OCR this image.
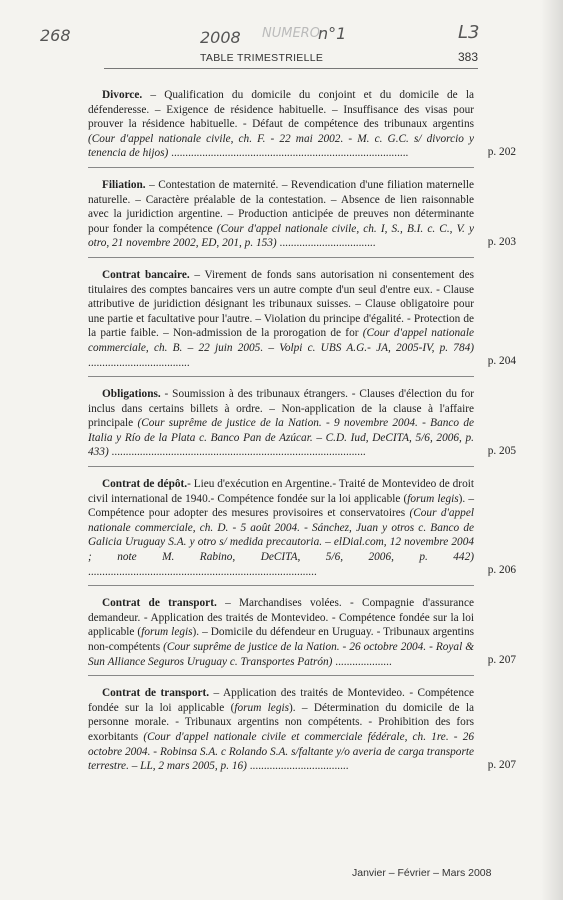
268	2008 NUMERO
n°1	L3
TABLE TRIMESTRIELLE	383

Divorce. – Qualification du domicile du conjoint et du domicile de la défenderesse. – Exigence de résidence habituelle. – Insuffisance des visas pour prouver la résidence habituelle. - Défaut de compétence des tribunaux argentins (Cour d'appel nationale civile, ch. F. - 22 mai 2002. - M. c. G.C. s/ divorcio y tenencia de hijos) ....................................................................................	p. 202

Filiation. – Contestation de maternité. – Revendication d'une filiation maternelle naturelle. – Caractère préalable de la contestation. – Absence de lien raisonnable avec la juridiction argentine. – Production anticipée de preuves non déterminante pour fonder la compétence (Cour d'appel nationale civile, ch. I, S., B.I. c. C., V. y otro, 21 novembre 2002, ED, 201, p. 153) ..................................	p. 203

Contrat bancaire. – Virement de fonds sans autorisation ni consentement des titulaires des comptes bancaires vers un autre compte d'un seul d'entre eux. - Clause attributive de juridiction désignant les tribunaux suisses. – Clause obligatoire pour une partie et facultative pour l'autre. – Violation du principe d'égalité. - Protection de la partie faible. – Non-admission de la prorogation de for (Cour d'appel nationale commerciale, ch. B. – 22 juin 2005. – Volpi c. UBS A.G.- JA, 2005-IV, p. 784) ....................................	p. 204

Obligations. - Soumission à des tribunaux étrangers. - Clauses d'élection du for inclus dans certains billets à ordre. – Non-application de la clause à l'affaire principale (Cour suprême de justice de la Nation. - 9 novembre 2004. - Banco de Italia y Río de la Plata c. Banco Pan de Azúcar. – C.D. Iud, DeCITA, 5/6, 2006, p. 433) ..........................................................................................	p. 205

Contrat de dépôt.- Lieu d'exécution en Argentine.- Traité de Montevideo de droit civil international de 1940.- Compétence fondée sur la loi applicable (forum legis). – Compétence pour adopter des mesures provisoires et conservatoires (Cour d'appel nationale commerciale, ch. D. - 5 août 2004. - Sánchez, Juan y otros c. Banco de Galicia Uruguay S.A. y otro s/ medida precautoria. – elDial.com, 12 novembre 2004 ; note M. Rabino, DeCITA, 5/6, 2006, p. 442) .................................................................................	p. 206

Contrat de transport. – Marchandises volées. - Compagnie d'assurance demandeur. - Application des traités de Montevideo. - Compétence fondée sur la loi applicable (forum legis). – Domicile du défendeur en Uruguay. - Tribunaux argentins non-compétents (Cour suprême de justice de la Nation. - 26 octobre 2004. - Royal & Sun Alliance Seguros Uruguay c. Transportes Patrón) ....................	p. 207

Contrat de transport. – Application des traités de Montevideo. - Compétence fondée sur la loi applicable (forum legis). – Détermination du domicile de la personne morale. - Tribunaux argentins non compétents. - Prohibition des fors exorbitants (Cour d'appel nationale civile et commerciale fédérale, ch. 1re. - 26 octobre 2004. - Robinsa S.A. c Rolando S.A. s/faltante y/o averia de carga transporte terrestre. – LL, 2 mars 2005, p. 16) ...................................	p. 207
Janvier – Février – Mars 2008
